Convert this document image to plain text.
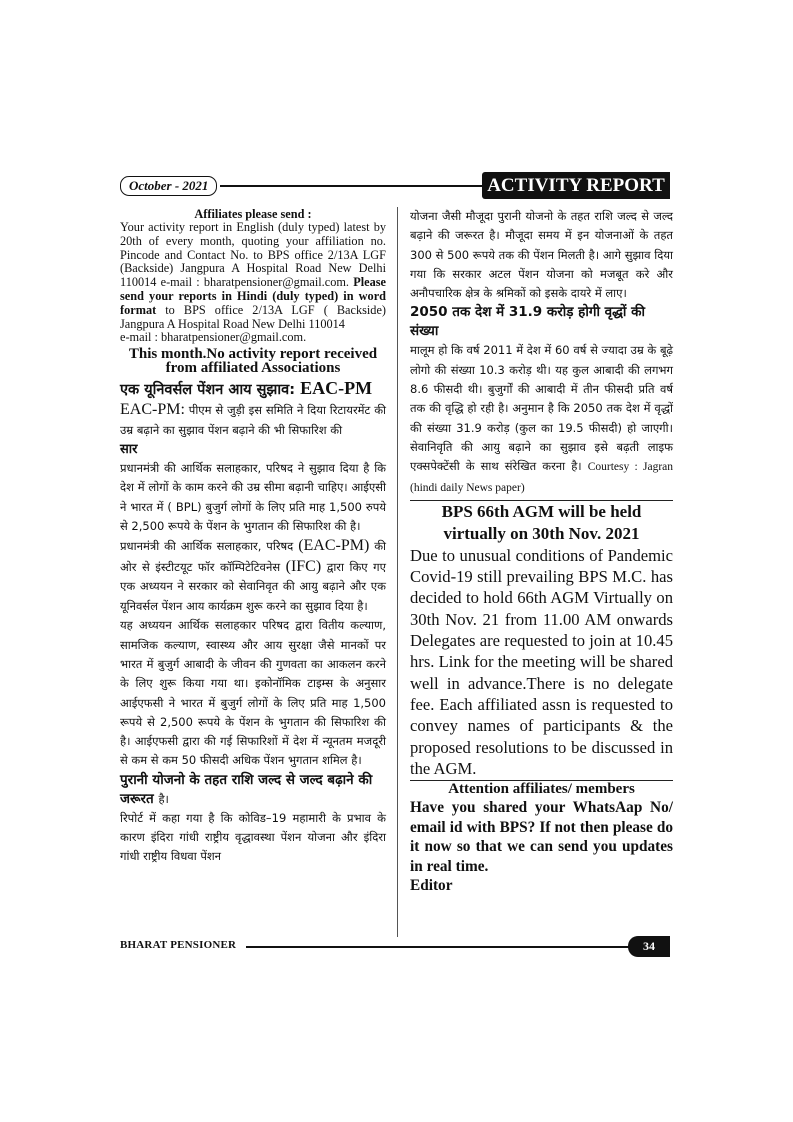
October - 2021	ACTIVITY REPORT

Affiliates please send :

Your activity report in English (duly typed) latest by 20th of every month, quoting your affiliation no. Pincode and Contact No. to BPS office 2/13A LGF (Backside) Jangpura A Hospital Road New Delhi 110014 e-mail : bharatpensioner@gmail.com. Please send your reports in Hindi (duly typed) in word format to BPS office 2/13A LGF ( Backside) Jangpura A Hospital Road New Delhi 110014

e-mail : bharatpensioner@gmail.com.

This month.No activity report received from affiliated Associations

एक यूनिवर्सल पेंशन आय सुझाव: EAC-PM

EAC-PM: पीएम से जुड़ी इस समिति ने दिया रिटायरमेंट की उम्र बढ़ाने का सुझाव पेंशन बढ़ाने की भी सिफारिश की

सार

प्रधानमंत्री की आर्थिक सलाहकार, परिषद ने सुझाव दिया है कि देश में लोगों के काम करने की उम्र सीमा बढ़ानी चाहिए। आईएसी ने भारत में ( BPL) बुजुर्ग लोगों के लिए प्रति माह 1,500 रुपये से 2,500 रूपये के पेंशन के भुगतान की सिफारिश की है।

प्रधानमंत्री की आर्थिक सलाहकार, परिषद (EAC-PM) की ओर से इंस्टीटयूट फॉर कॉम्पिटेटिवनेस (IFC) द्वारा किए गए एक अध्ययन ने सरकार को सेवानिवृत की आयु बढ़ाने और एक यूनिवर्सल पेंशन आय कार्यक्रम शुरू करने का सुझाव दिया है।

यह अध्ययन आर्थिक सलाहकार परिषद द्वारा वितीय कल्याण, सामजिक कल्याण, स्वास्थ्य और आय सुरक्षा जैसे मानकों पर भारत में बुजुर्ग आबादी के जीवन की गुणवता का आकलन करने के लिए शुरू किया गया था। इकोनॉमिक टाइम्स के अनुसार आईएफसी ने भारत में बुजुर्ग लोगों के लिए प्रति माह 1,500 रूपये से 2,500 रूपये के पेंशन के भुगतान की सिफारिश की है। आईएफसी द्वारा की गई सिफारिशों में देश में न्यूनतम मजदूरी से कम से कम 50 फीसदी अधिक पेंशन भुगतान शमिल है।

पुरानी योजनो के तहत राशि जल्द से जल्द बढ़ाने की जरूरत है।

रिपोर्ट में कहा गया है कि कोविड–19 महामारी के प्रभाव के कारण इंदिरा गांधी राष्ट्रीय वृद्धावस्था पेंशन योजना और इंदिरा गांधी राष्ट्रीय विधवा पेंशन

योजना जैसी मौजूदा पुरानी योजनो के तहत राशि जल्द से जल्द बढ़ाने की जरूरत है। मौजूदा समय में इन योजनाओं के तहत 300 से 500 रूपये तक की पेंशन मिलती है। आगे सुझाव दिया गया कि सरकार अटल पेंशन योजना को मजबूत करे और अनौपचारिक क्षेत्र के श्रमिकों को इसके दायरे में लाए।

2050 तक देश में 31.9 करोड़ होगी वृद्धों की संख्या

मालूम हो कि वर्ष 2011 में देश में 60 वर्ष से ज्यादा उम्र के बूढ़े लोगो की संख्या 10.3 करोड़ थी। यह कुल आबादी की लगभग 8.6 फीसदी थी। बुजुर्गों की आबादी में तीन फीसदी प्रति वर्ष तक की वृद्धि हो रही है। अनुमान है कि 2050 तक देश में वृद्धों की संख्या 31.9 करोड़ (कुल का 19.5 फीसदी) हो जाएगी। सेवानिवृति की आयु बढ़ाने का सुझाव इसे बढ़ती लाइफ एक्सपेक्टेंसी के साथ संरेखित करना है। Courtesy : Jagran (hindi daily News paper)

BPS 66th AGM will be held virtually on 30th Nov. 2021

Due to unusual conditions of Pandemic Covid-19 still prevailing BPS M.C. has decided to hold 66th AGM Virtually on 30th Nov. 21 from 11.00 AM onwards Delegates are requested to join at 10.45 hrs. Link for the meeting will be shared well in advance.There is no delegate fee. Each affiliated assn is requested to convey names of participants & the proposed resolutions to be discussed in the AGM.

Attention affiliates/ members

Have you shared your WhatsAap No/ email id with BPS? If not then please do it now so that we can send you updates in real time.

Editor

BHARAT PENSIONER	34
